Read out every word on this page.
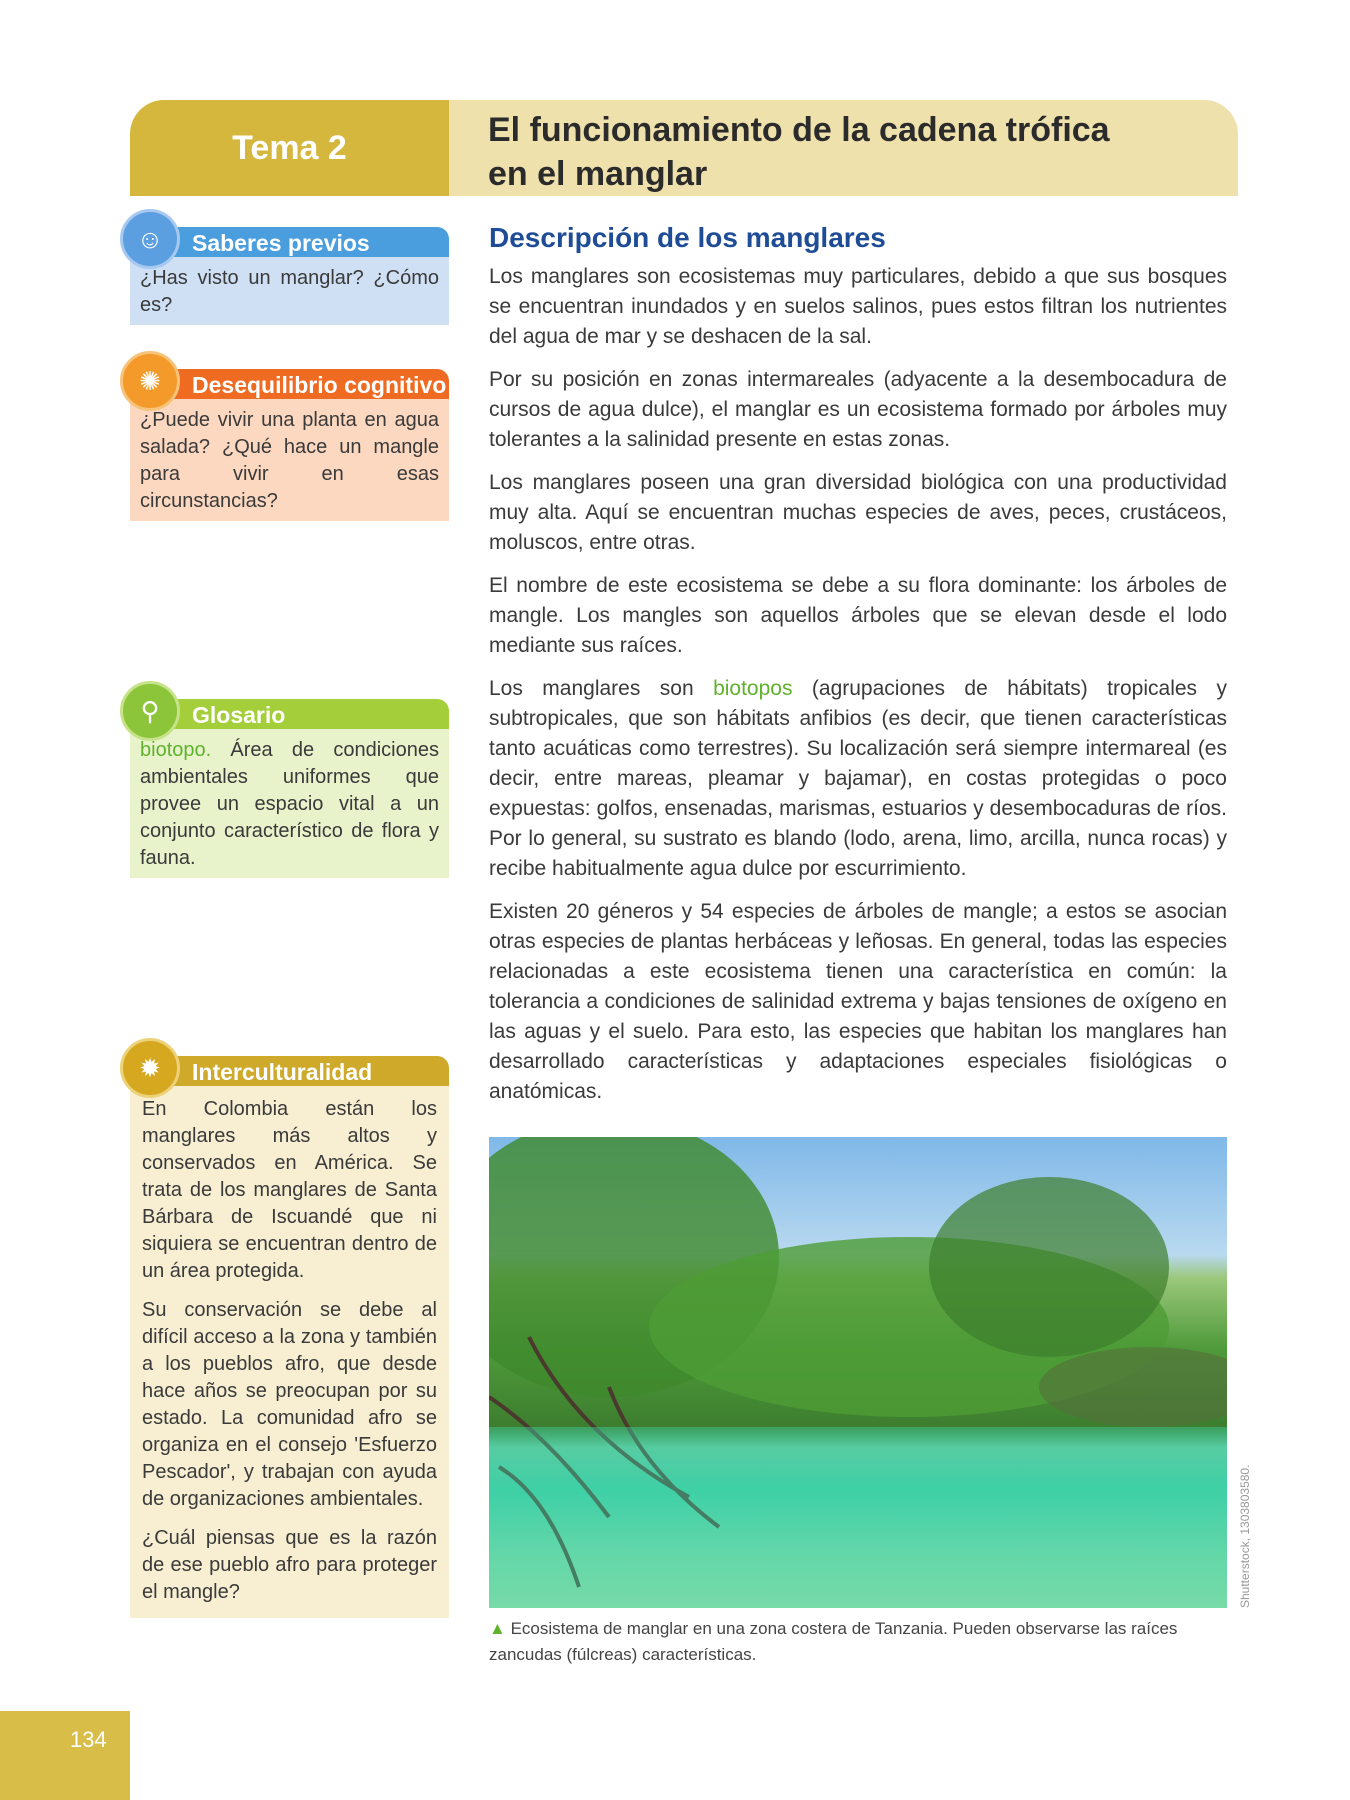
Tema 2	El funcionamiento de la cadena trófica
en el manglar
Saberes previos
☺
¿Has visto un manglar? ¿Cómo es?
Desequilibrio cognitivo
✺
¿Puede vivir una planta en agua salada? ¿Qué hace un mangle para vivir en esas circunstancias?
Glosario
⚲
biotopo. Área de condiciones ambientales uniformes que provee un espacio vital a un conjunto característico de flora y fauna.
Interculturalidad
✹

En Colombia están los manglares más altos y conservados en América. Se trata de los manglares de Santa Bárbara de Iscuandé que ni siquiera se encuentran dentro de un área protegida.

Su conservación se debe al difícil acceso a la zona y también a los pueblos afro, que desde hace años se preocupan por su estado. La comunidad afro se organiza en el consejo 'Esfuerzo Pescador', y trabajan con ayuda de organizaciones ambientales.

¿Cuál piensas que es la razón de ese pueblo afro para proteger el mangle?

Descripción de los manglares

Los manglares son ecosistemas muy particulares, debido a que sus bosques se encuentran inundados y en suelos salinos, pues estos filtran los nutrientes del agua de mar y se deshacen de la sal.

Por su posición en zonas intermareales (adyacente a la desembocadura de cursos de agua dulce), el manglar es un ecosistema formado por árboles muy tolerantes a la salinidad presente en estas zonas.

Los manglares poseen una gran diversidad biológica con una productividad muy alta. Aquí se encuentran muchas especies de aves, peces, crustáceos, moluscos, entre otras.

El nombre de este ecosistema se debe a su flora dominante: los árboles de mangle. Los mangles son aquellos árboles que se elevan desde el lodo mediante sus raíces.

Los manglares son biotopos (agrupaciones de hábitats) tropicales y subtropicales, que son hábitats anfibios (es decir, que tienen características tanto acuáticas como terrestres). Su localización será siempre intermareal (es decir, entre mareas, pleamar y bajamar), en costas protegidas o poco expuestas: golfos, ensenadas, marismas, estuarios y desembocaduras de ríos. Por lo general, su sustrato es blando (lodo, arena, limo, arcilla, nunca rocas) y recibe habitualmente agua dulce por escurrimiento.

Existen 20 géneros y 54 especies de árboles de mangle; a estos se asocian otras especies de plantas herbáceas y leñosas. En general, todas las especies relacionadas a este ecosistema tienen una característica en común: la tolerancia a condiciones de salinidad extrema y bajas tensiones de oxígeno en las aguas y el suelo. Para esto, las especies que habitan los manglares han desarrollado características y adaptaciones especiales fisiológicas o anatómicas.

Shutterstock, 1303803580.
▲ Ecosistema de manglar en una zona costera de Tanzania. Pueden observarse las raíces zancudas (fúlcreas) características.
134
